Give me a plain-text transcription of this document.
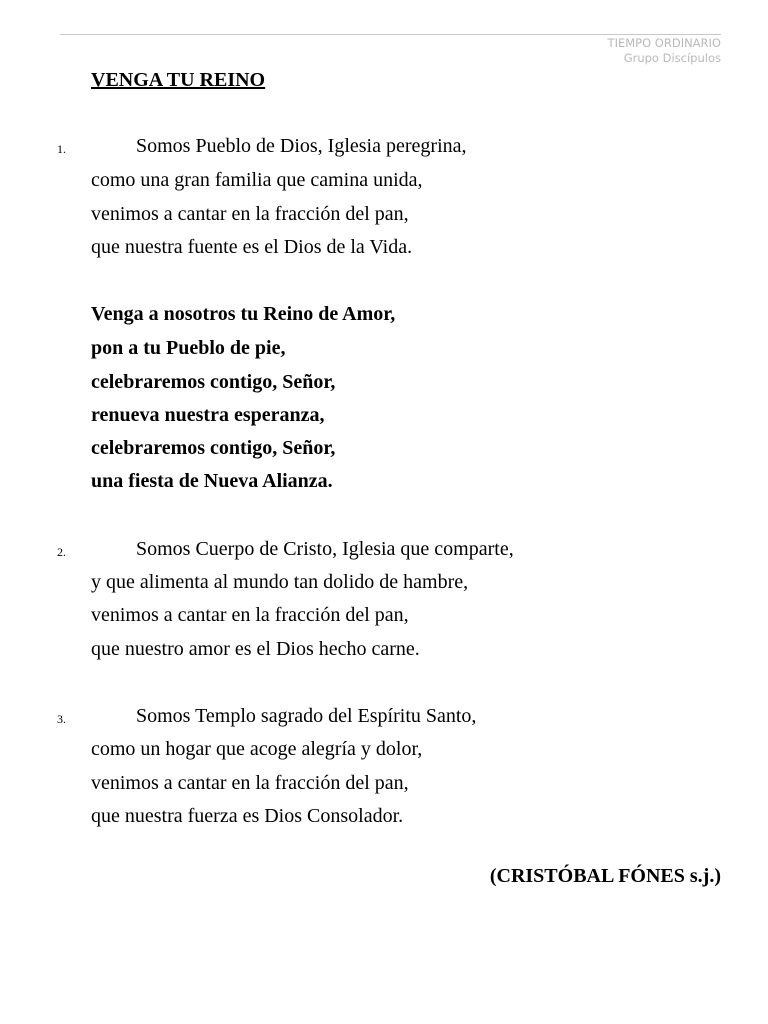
TIEMPO ORDINARIO
Grupo Discípulos
VENGA TU REINO
1.	Somos Pueblo de Dios, Iglesia peregrina,
como una gran familia que camina unida,
venimos a cantar en la fracción del pan,
que nuestra fuente es el Dios de la Vida.
Venga a nosotros tu Reino de Amor,
pon a tu Pueblo de pie,
celebraremos contigo, Señor,
renueva nuestra esperanza,
celebraremos contigo, Señor,
una fiesta de Nueva Alianza.
2.	Somos Cuerpo de Cristo, Iglesia que comparte,
y que alimenta al mundo tan dolido de hambre,
venimos a cantar en la fracción del pan,
que nuestro amor es el Dios hecho carne.
3.	Somos Templo sagrado del Espíritu Santo,
como un hogar que acoge alegría y dolor,
venimos a cantar en la fracción del pan,
que nuestra fuerza es Dios Consolador.
(CRISTÓBAL FÓNES s.j.)
